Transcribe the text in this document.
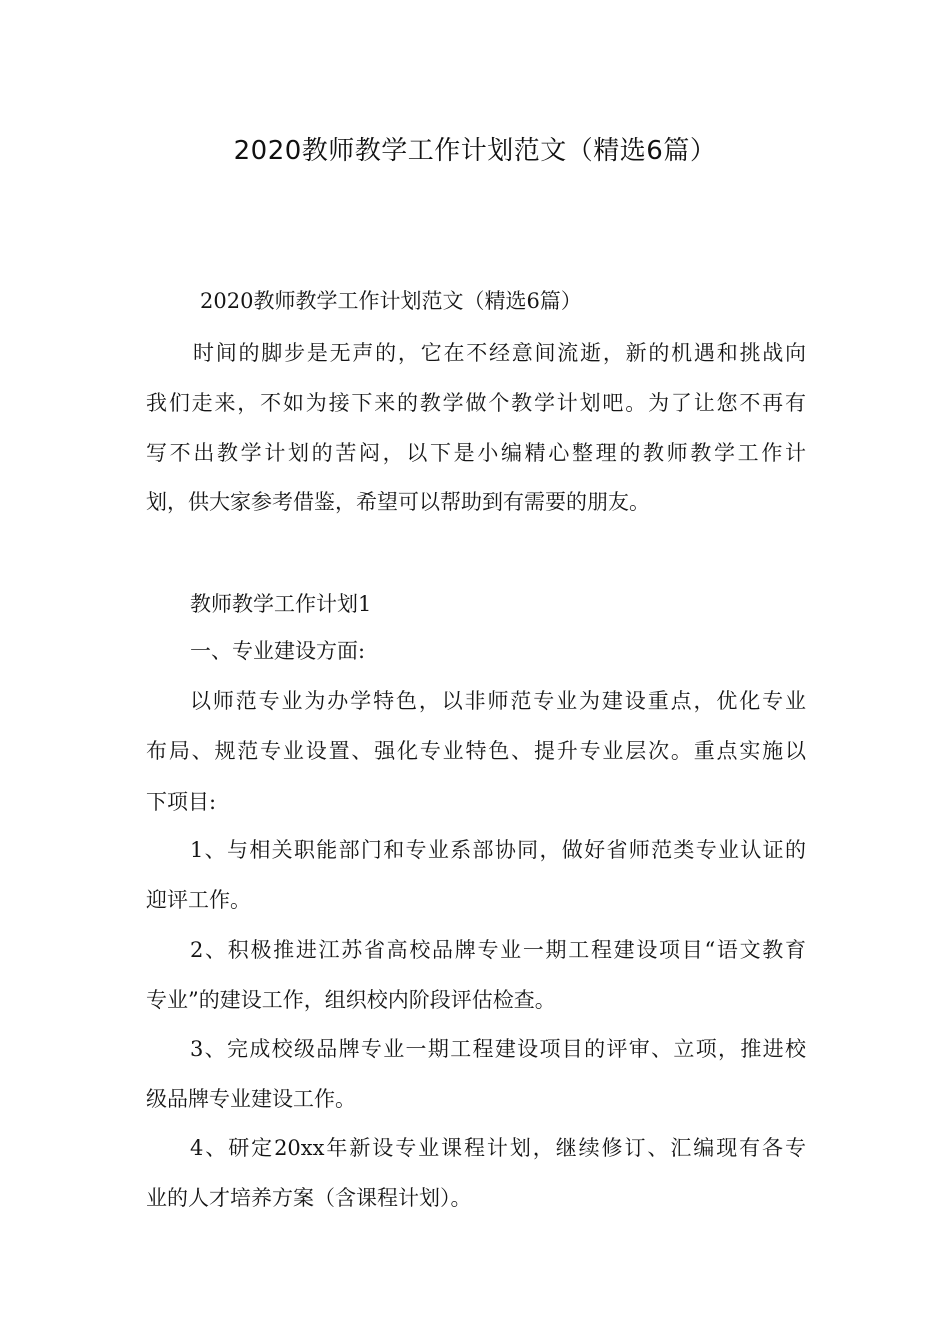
2020教师教学工作计划范文（精选6篇）
2020教师教学工作计划范文（精选6篇）
时间的脚步是无声的，它在不经意间流逝，新的机遇和挑战向
我们走来，不如为接下来的教学做个教学计划吧。为了让您不再有
写不出教学计划的苦闷，以下是小编精心整理的教师教学工作计
划，供大家参考借鉴，希望可以帮助到有需要的朋友。
教师教学工作计划1
一、专业建设方面:
以师范专业为办学特色，以非师范专业为建设重点，优化专业
布局、规范专业设置、强化专业特色、提升专业层次。重点实施以
下项目:
1、与相关职能部门和专业系部协同，做好省师范类专业认证的
迎评工作。
2、积极推进江苏省高校品牌专业一期工程建设项目“语文教育
专业”的建设工作，组织校内阶段评估检查。
3、完成校级品牌专业一期工程建设项目的评审、立项，推进校
级品牌专业建设工作。
4、研定20xx年新设专业课程计划，继续修订、汇编现有各专
业的人才培养方案（含课程计划）。
